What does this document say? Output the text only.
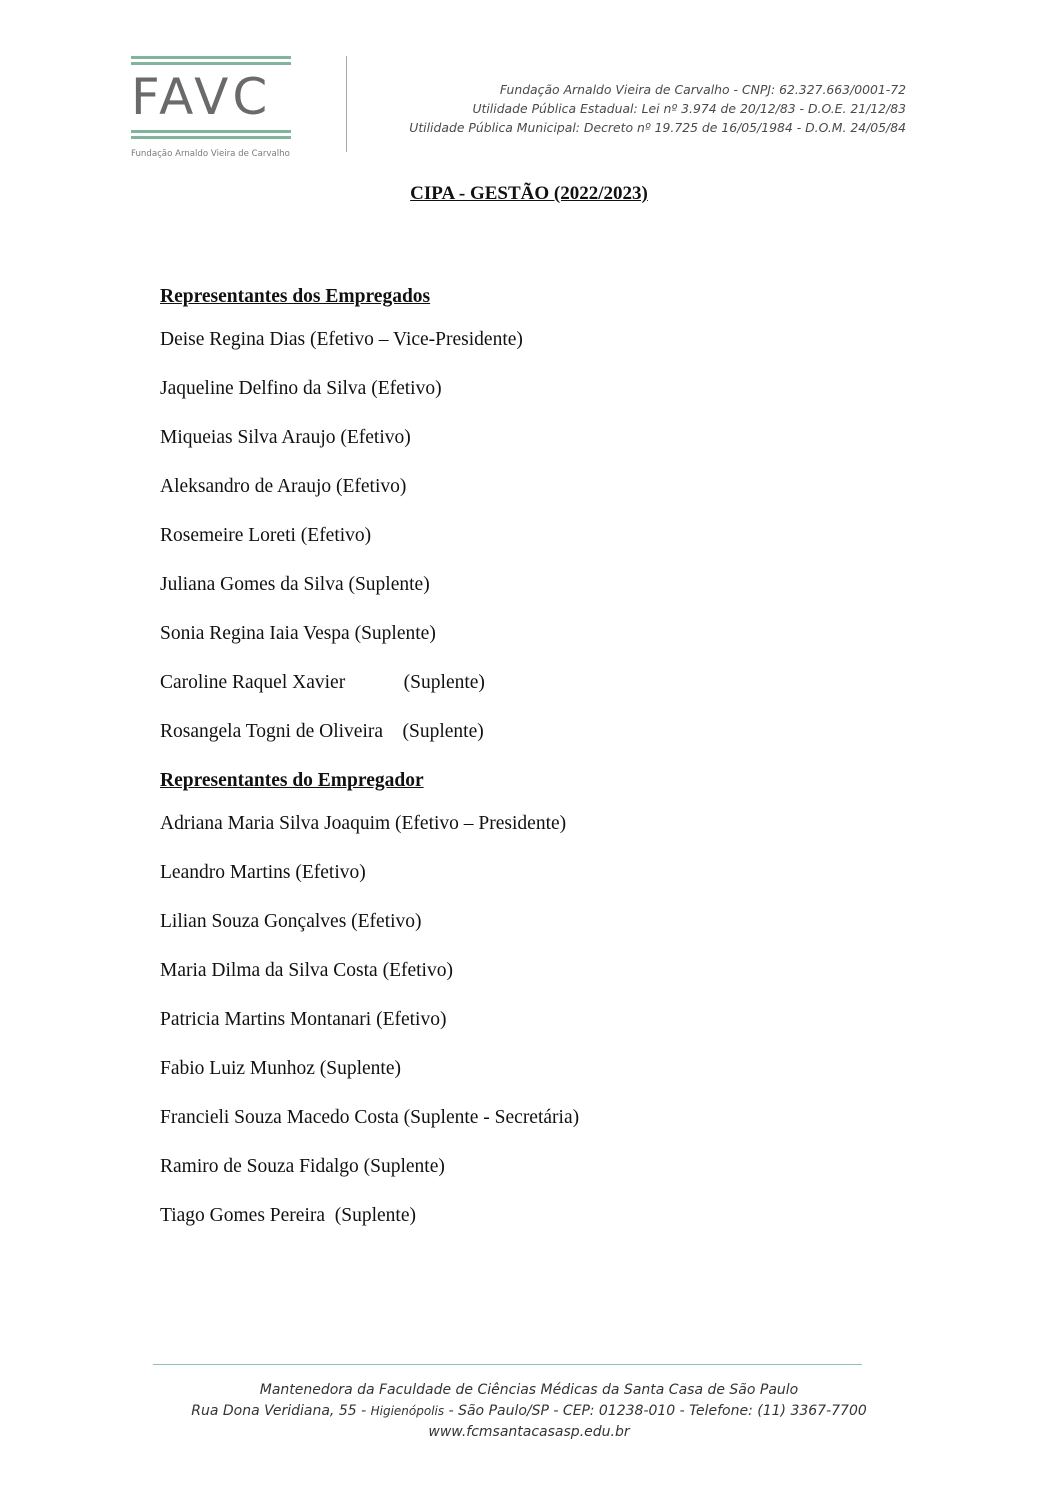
FAVC
Fundação Arnaldo Vieira de Carvalho
Fundação Arnaldo Vieira de Carvalho - CNPJ: 62.327.663/0001-72
Utilidade Pública Estadual: Lei nº 3.974 de 20/12/83 - D.O.E. 21/12/83
Utilidade Pública Municipal: Decreto nº 19.725 de 16/05/1984 - D.O.M. 24/05/84
CIPA - GESTÃO (2022/2023)
Representantes dos Empregados
Deise Regina Dias (Efetivo – Vice-Presidente)
Jaqueline Delfino da Silva (Efetivo)
Miqueias Silva Araujo (Efetivo)
Aleksandro de Araujo (Efetivo)
Rosemeire Loreti (Efetivo)
Juliana Gomes da Silva (Suplente)
Sonia Regina Iaia Vespa (Suplente)
Caroline Raquel Xavier            (Suplente)
Rosangela Togni de Oliveira    (Suplente)
Representantes do Empregador
Adriana Maria Silva Joaquim (Efetivo – Presidente)
Leandro Martins (Efetivo)
Lilian Souza Gonçalves (Efetivo)
Maria Dilma da Silva Costa (Efetivo)
Patricia Martins Montanari (Efetivo)
Fabio Luiz Munhoz (Suplente)
Francieli Souza Macedo Costa (Suplente - Secretária)
Ramiro de Souza Fidalgo (Suplente)
Tiago Gomes Pereira  (Suplente)
Mantenedora da Faculdade de Ciências Médicas da Santa Casa de São Paulo
Rua Dona Veridiana, 55 - Higienópolis - São Paulo/SP - CEP: 01238-010 - Telefone: (11) 3367-7700
www.fcmsantacasasp.edu.br
